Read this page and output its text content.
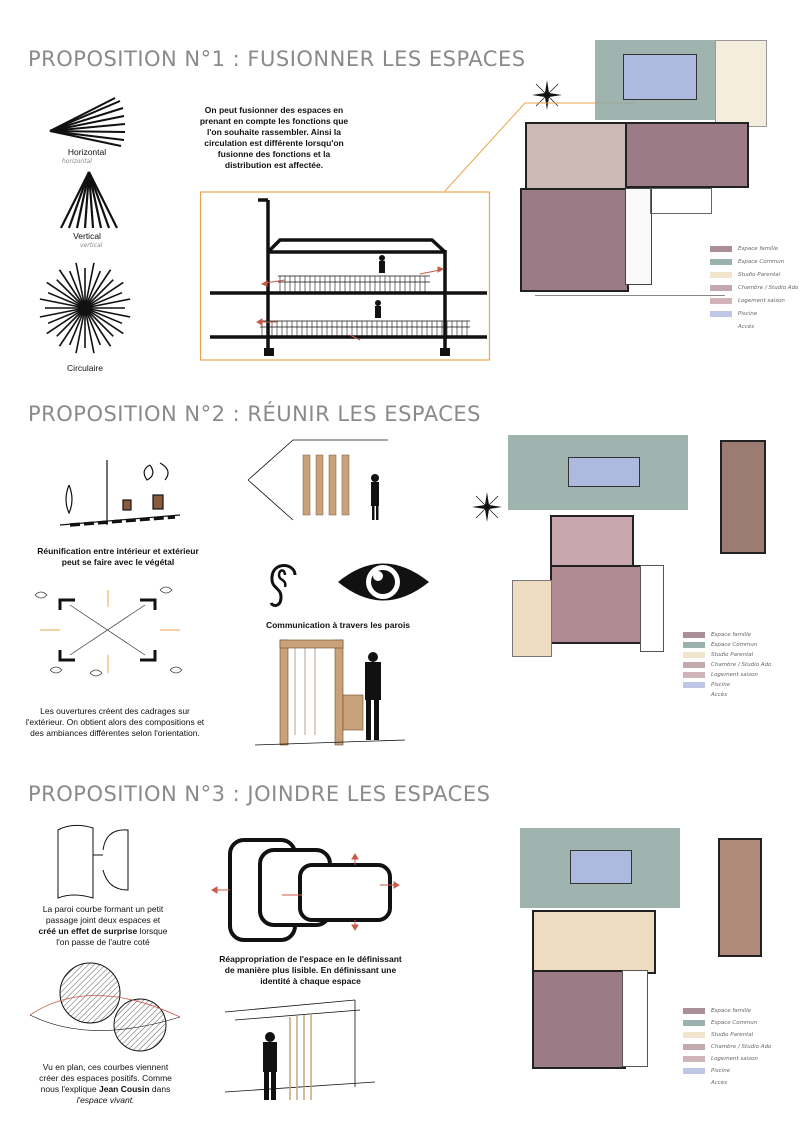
PROPOSITION N°1 : FUSIONNER LES ESPACES
Horizontal
horizontal
Vertical
vertical
Circulaire
On peut fusionner des espaces en prenant en compte les fonctions que l'on souhaite rassembler. Ainsi la circulation est différente lorsqu'on fusionne des fonctions et la distribution est affectée.
Espace famille
Espace Commun
Studio Parental
Chambre / Studio Ado
Logement saison
Piscine
Accès
PROPOSITION N°2 : RÉUNIR LES ESPACES
Réunification entre intérieur et extérieur peut se faire avec le végétal
Les ouvertures créent des cadrages sur l'extérieur. On obtient alors des compositions et des ambiances différentes selon l'orientation.
Communication à travers les parois
Espace famille
Espace Commun
Studio Parental
Chambre / Studio Ado
Logement saison
Piscine
Accès
PROPOSITION N°3 : JOINDRE LES ESPACES
La paroi courbe formant un petit passage joint deux espaces et créé un effet de surprise lorsque l'on passe de l'autre coté
Vu en plan, ces courbes viennent créer des espaces positifs. Comme nous l'explique Jean Cousin dans l'espace vivant.
Réappropriation de l'espace en le définissant de manière plus lisible. En définissant une identité à chaque espace
Espace famille
Espace Commun
Studio Parental
Chambre / Studio Ado
Logement saison
Piscine
Accès
